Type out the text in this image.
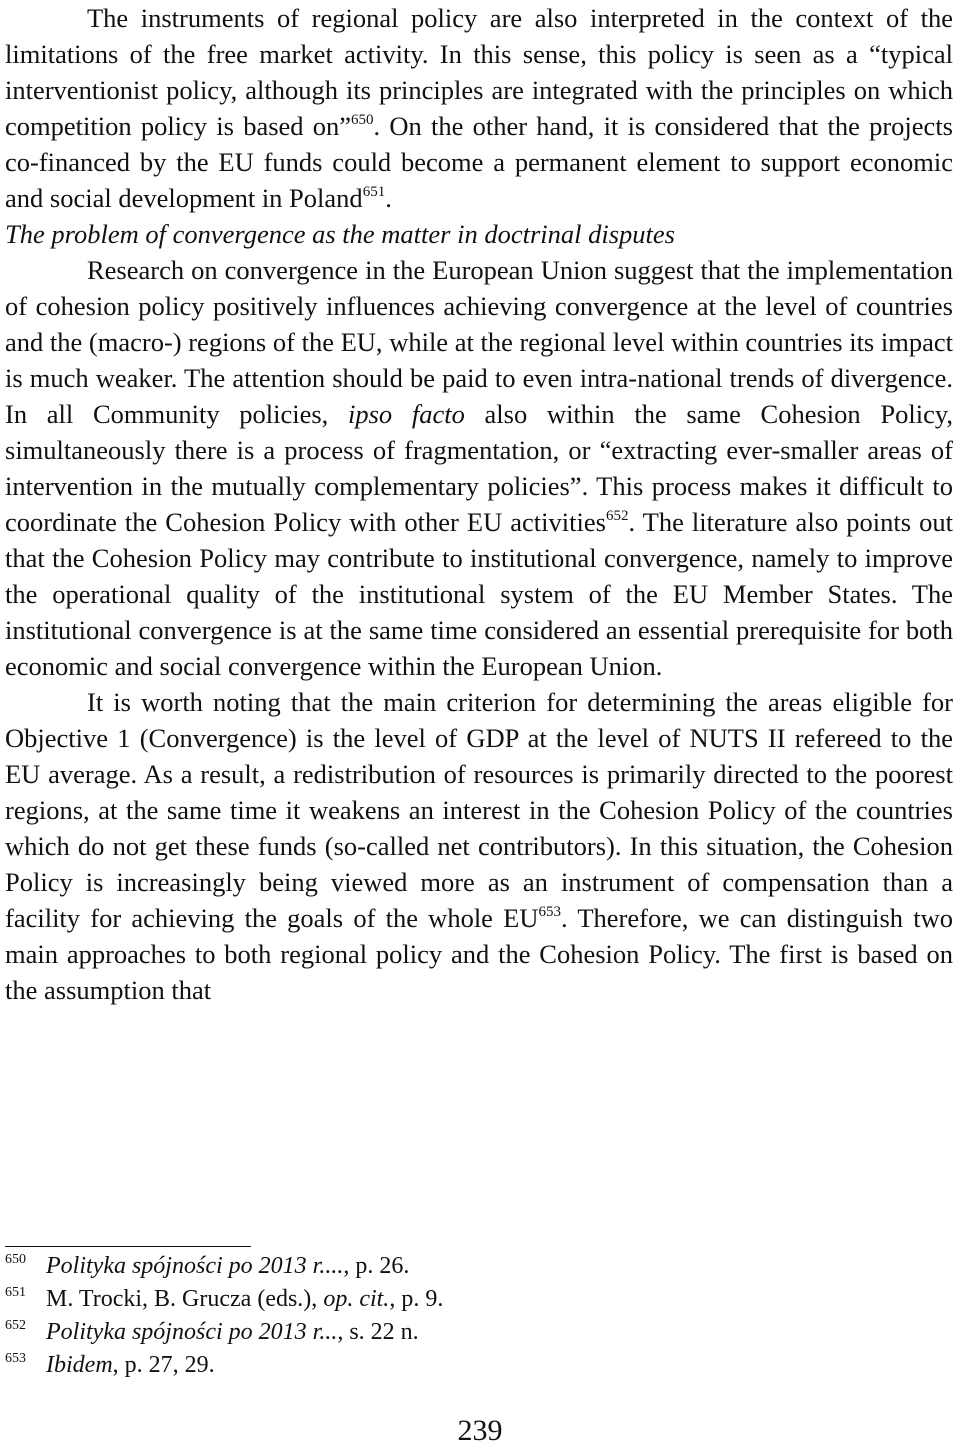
The instruments of regional policy are also interpreted in the context of the limitations of the free market activity. In this sense, this policy is seen as a “typical interventionist policy, although its principles are integrated with the principles on which competition policy is based on”$^{650}$. On the other hand, it is considered that the projects co-financed by the EU funds could become a permanent element to support economic and social development in Poland$^{651}$.

The problem of convergence as the matter in doctrinal disputes

Research on convergence in the European Union suggest that the implementation of cohesion policy positively influences achieving convergence at the level of countries and the (macro-) regions of the EU, while at the regional level within countries its impact is much weaker. The attention should be paid to even intra-national trends of divergence. In all Community policies, ipso facto also within the same Cohesion Policy, simultaneously there is a process of fragmentation, or “extracting ever-smaller areas of intervention in the mutually complementary policies”. This process makes it difficult to coordinate the Cohesion Policy with other EU activities$^{652}$. The literature also points out that the Cohesion Policy may contribute to institutional convergence, namely to improve the operational quality of the institutional system of the EU Member States. The institutional convergence is at the same time considered an essential prerequisite for both economic and social convergence within the European Union.

It is worth noting that the main criterion for determining the areas eligible for Objective 1 (Convergence) is the level of GDP at the level of NUTS II refereed to the EU average. As a result, a redistribution of resources is primarily directed to the poorest regions, at the same time it weakens an interest in the Cohesion Policy of the countries which do not get these funds (so-called net contributors). In this situation, the Cohesion Policy is increasingly being viewed more as an instrument of compensation than a facility for achieving the goals of the whole EU$^{653}$. Therefore, we can distinguish two main approaches to both regional policy and the Cohesion Policy. The first is based on the assumption that

650 Polityka spójności po 2013 r...., p. 26.

651 M. Trocki, B. Grucza (eds.), op. cit., p. 9.

652 Polityka spójności po 2013 r..., s. 22 n.

653 Ibidem, p. 27, 29.

239
